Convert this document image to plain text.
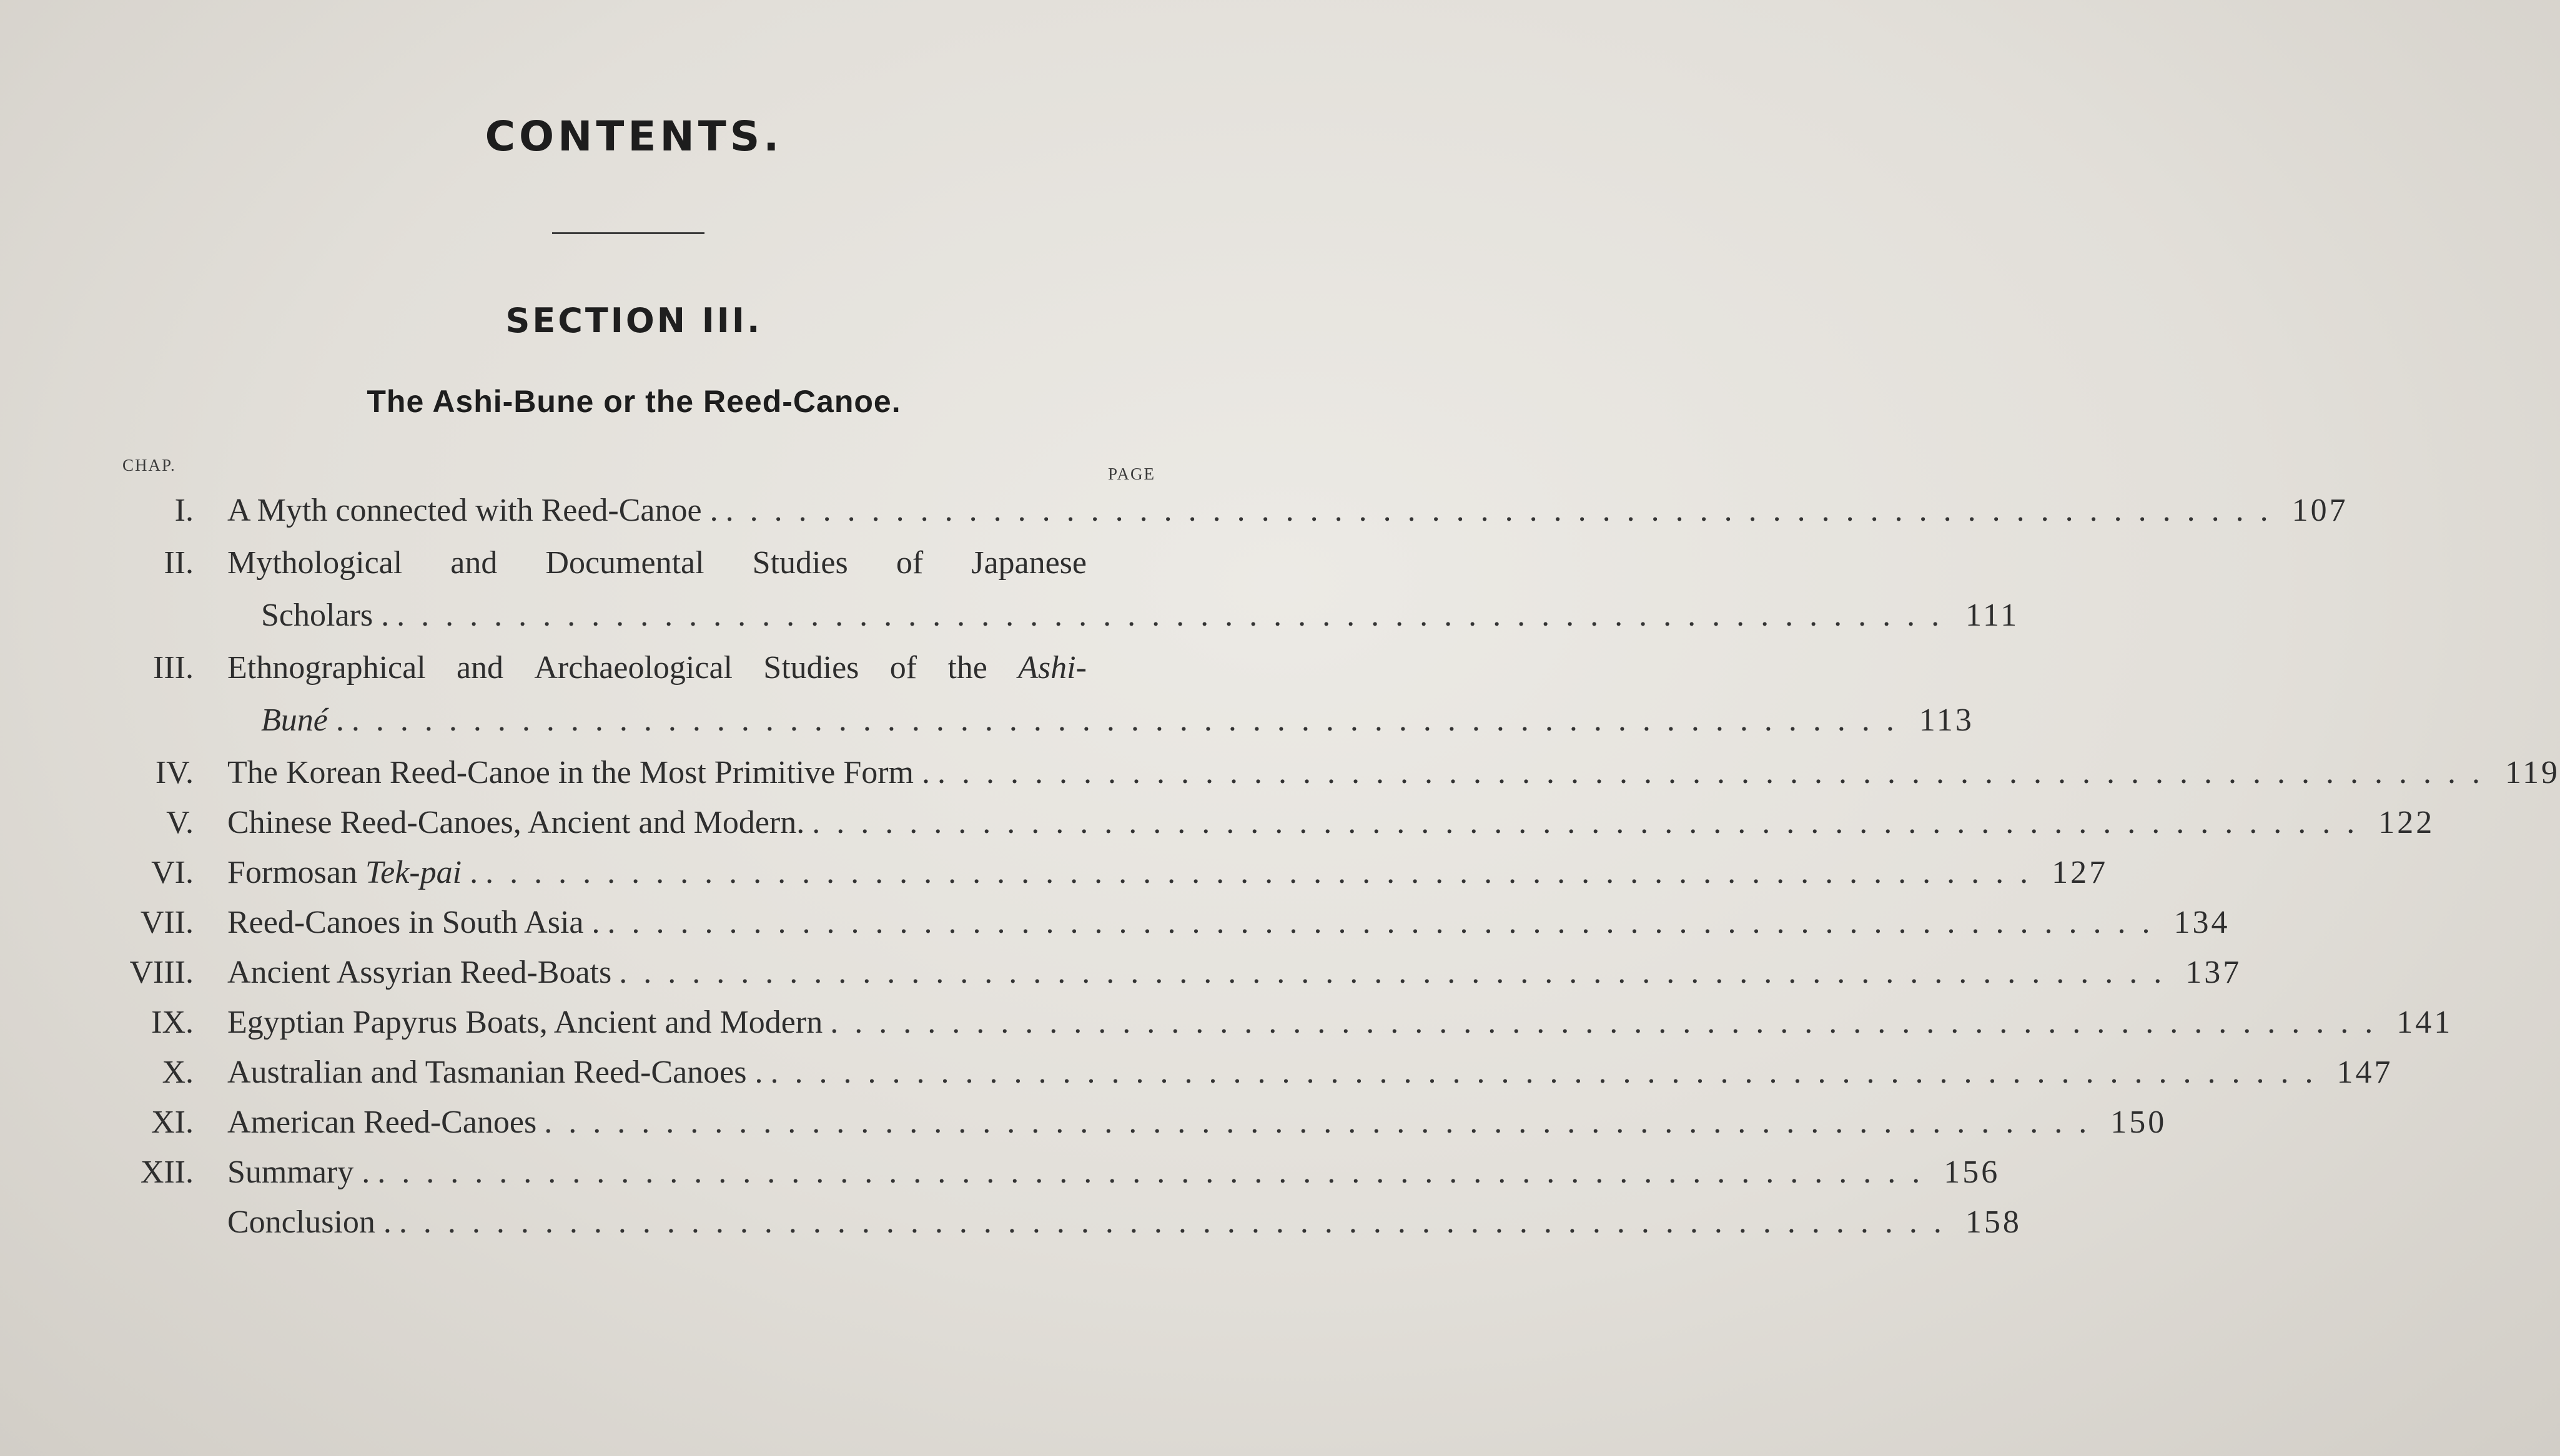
CONTENTS.
SECTION III.
The Ashi-Bune or the Reed-Canoe.
CHAP.	PAGE
I. A Myth connected with Reed-Canoe . ................................................................ 107
II. Mythological and Documental Studies of Japanese
Scholars . ................................................................ 111
III. Ethnographical and Archaeological Studies of the Ashi-
Buné . ................................................................ 113
IV. The Korean Reed-Canoe in the Most Primitive Form . ................................................................ 119
V. Chinese Reed-Canoes, Ancient and Modern. ................................................................ 122
VI. Formosan Tek-pai . ................................................................ 127
VII. Reed-Canoes in South Asia . ................................................................ 134
VIII. Ancient Assyrian Reed-Boats ................................................................ 137
IX. Egyptian Papyrus Boats, Ancient and Modern ................................................................ 141
X. Australian and Tasmanian Reed-Canoes . ................................................................ 147
XI. American Reed-Canoes ................................................................ 150
XII. Summary . ................................................................ 156
Conclusion . ................................................................ 158
